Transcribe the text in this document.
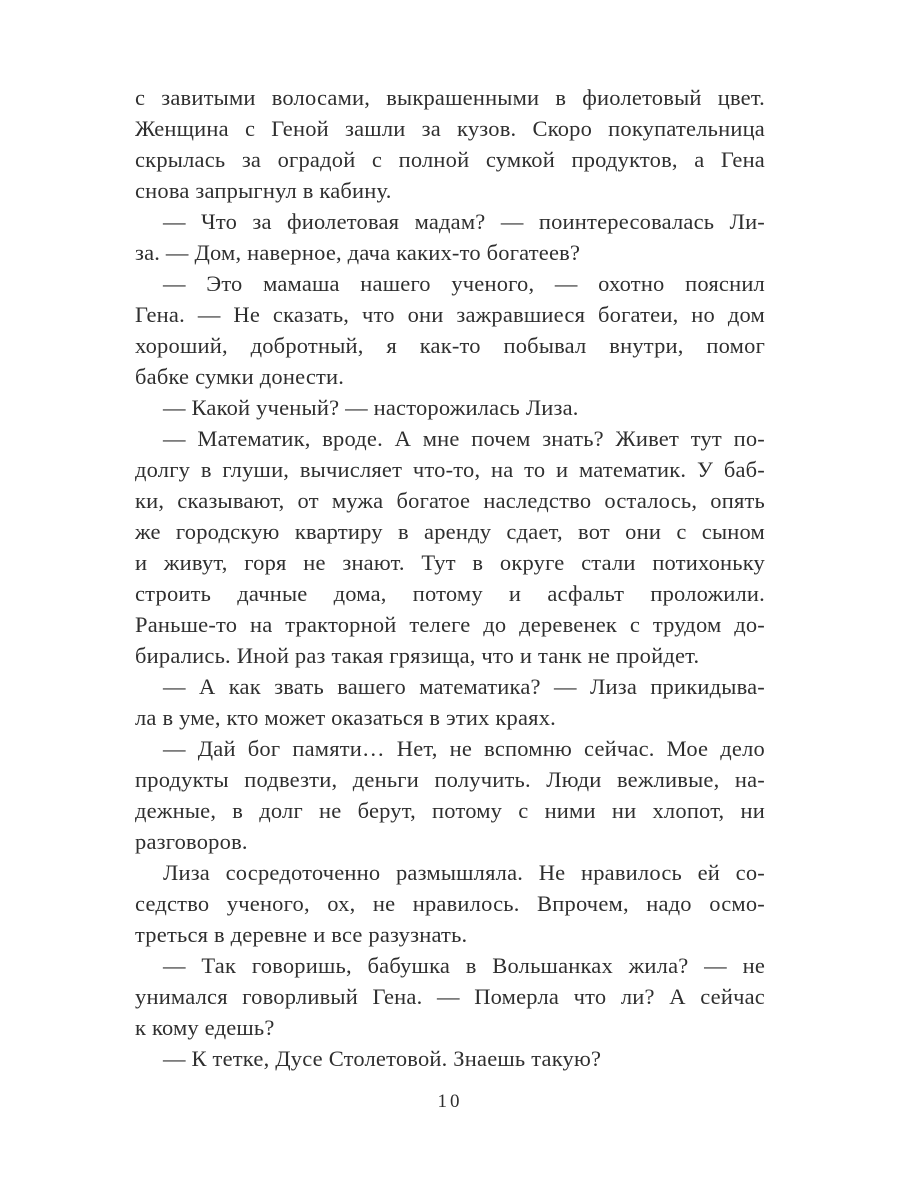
с завитыми волосами, выкрашенными в фиолетовый цвет.
Женщина с Геной зашли за кузов. Скоро покупательница
скрылась за оградой с полной сумкой продуктов, а Гена
снова запрыгнул в кабину.
— Что за фиолетовая мадам? — поинтересовалась Ли-
за. — Дом, наверное, дача каких-то богатеев?
— Это мамаша нашего ученого, — охотно пояснил
Гена. — Не сказать, что они зажравшиеся богатеи, но дом
хороший, добротный, я как-то побывал внутри, помог
бабке сумки донести.
— Какой ученый? — насторожилась Лиза.
— Математик, вроде. А мне почем знать? Живет тут по-
долгу в глуши, вычисляет что-то, на то и математик. У баб-
ки, сказывают, от мужа богатое наследство осталось, опять
же городскую квартиру в аренду сдает, вот они с сыном
и живут, горя не знают. Тут в округе стали потихоньку
строить дачные дома, потому и асфальт проложили.
Раньше-то на тракторной телеге до деревенек с трудом до-
бирались. Иной раз такая грязища, что и танк не пройдет.
— А как звать вашего математика? — Лиза прикидыва-
ла в уме, кто может оказаться в этих краях.
— Дай бог памяти… Нет, не вспомню сейчас. Мое дело
продукты подвезти, деньги получить. Люди вежливые, на-
дежные, в долг не берут, потому с ними ни хлопот, ни
разговоров.
Лиза сосредоточенно размышляла. Не нравилось ей со-
седство ученого, ох, не нравилось. Впрочем, надо осмо-
треться в деревне и все разузнать.
— Так говоришь, бабушка в Вольшанках жила? — не
унимался говорливый Гена. — Померла что ли? А сейчас
к кому едешь?
— К тетке, Дусе Столетовой. Знаешь такую?
10
